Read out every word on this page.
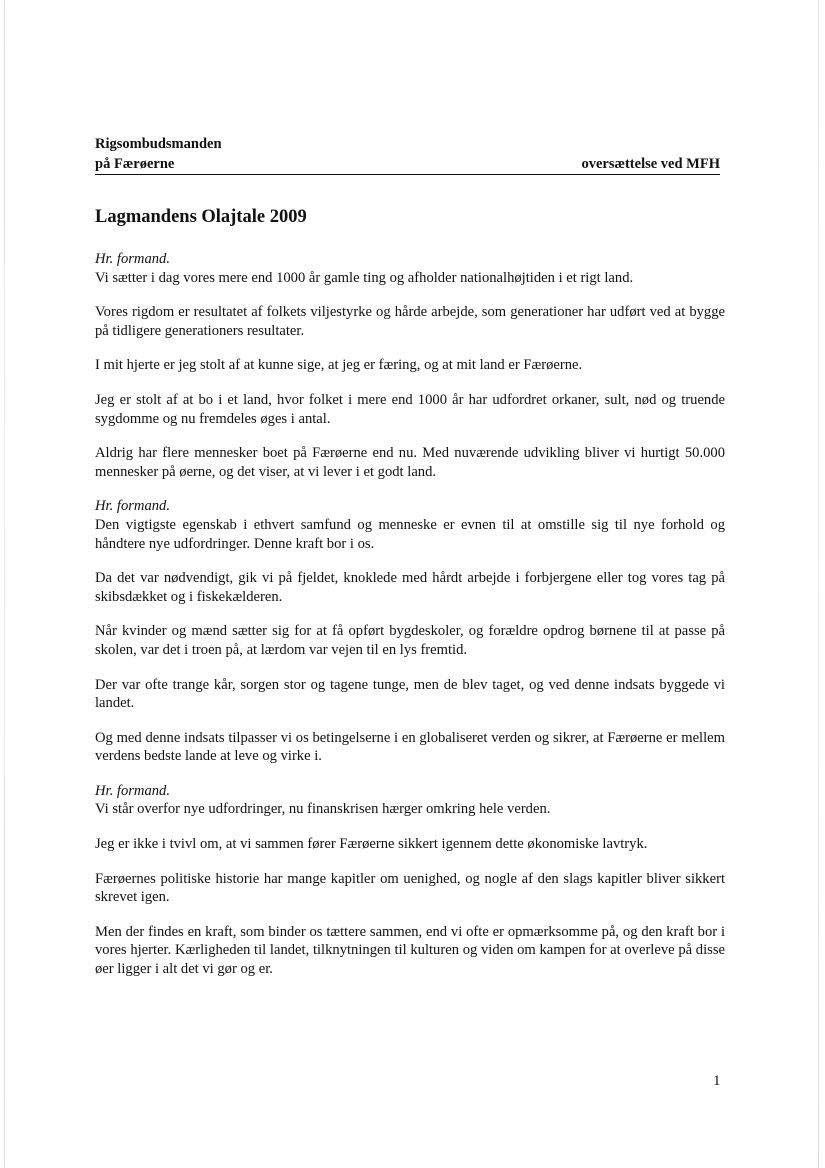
Rigsombudsmanden
på Færøerne	oversættelse ved MFH
Lagmandens Olajtale 2009

Hr. formand.
Vi sætter i dag vores mere end 1000 år gamle ting og afholder nationalhøjtiden i et rigt land.

Vores rigdom er resultatet af folkets viljestyrke og hårde arbejde, som generationer har udført ved at bygge på tidligere generationers resultater.

I mit hjerte er jeg stolt af at kunne sige, at jeg er færing, og at mit land er Færøerne.

Jeg er stolt af at bo i et land, hvor folket i mere end 1000 år har udfordret orkaner, sult, nød og truende sygdomme og nu fremdeles øges i antal.

Aldrig har flere mennesker boet på Færøerne end nu. Med nuværende udvikling bliver vi hurtigt 50.000 mennesker på øerne, og det viser, at vi lever i et godt land.

Hr. formand.
Den vigtigste egenskab i ethvert samfund og menneske er evnen til at omstille sig til nye forhold og håndtere nye udfordringer. Denne kraft bor i os.

Da det var nødvendigt, gik vi på fjeldet, knoklede med hårdt arbejde i forbjergene eller tog vores tag på skibsdækket og i fiskekælderen.

Når kvinder og mænd sætter sig for at få opført bygdeskoler, og forældre opdrog børnene til at passe på skolen, var det i troen på, at lærdom var vejen til en lys fremtid.

Der var ofte trange kår, sorgen stor og tagene tunge, men de blev taget, og ved denne indsats byggede vi landet.

Og med denne indsats tilpasser vi os betingelserne i en globaliseret verden og sikrer, at Færøerne er mellem verdens bedste lande at leve og virke i.

Hr. formand.
Vi står overfor nye udfordringer, nu finanskrisen hærger omkring hele verden.

Jeg er ikke i tvivl om, at vi sammen fører Færøerne sikkert igennem dette økonomiske lavtryk.

Færøernes politiske historie har mange kapitler om uenighed, og nogle af den slags kapitler bliver sikkert skrevet igen.

Men der findes en kraft, som binder os tættere sammen, end vi ofte er opmærksomme på, og den kraft bor i vores hjerter. Kærligheden til landet, tilknytningen til kulturen og viden om kampen for at overleve på disse øer ligger i alt det vi gør og er.

1
